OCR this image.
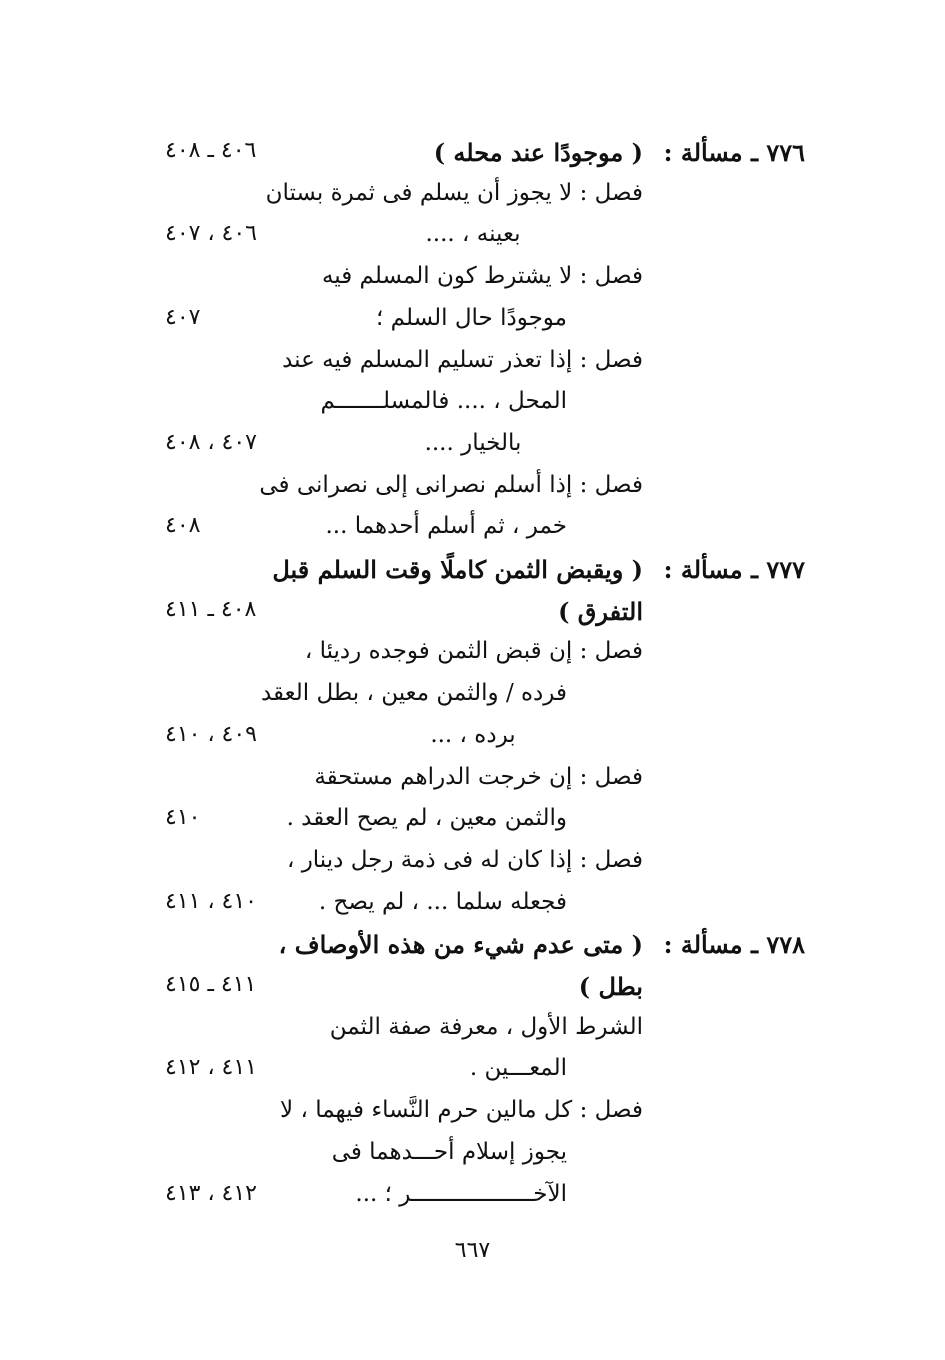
٧٧٦ ـ مسألة :
( موجودًا عند محله )
٤٠٦ ـ ٤٠٨
فصل : لا يجوز أن يسلم فى ثمرة بستان
بعينه ، ....
٤٠٦ ، ٤٠٧
فصل : لا يشترط كون المسلم فيه
موجودًا حال السلم ؛
٤٠٧
فصل : إذا تعذر تسليم المسلم فيه عند
المحل ، .... فالمسلـــــــم
بالخيار ....
٤٠٧ ، ٤٠٨
فصل : إذا أسلم نصرانى إلى نصرانى فى
خمر ، ثم أسلم أحدهما ...
٤٠٨
٧٧٧ ـ مسألة :
( ويقبض الثمن كاملًا وقت السلم قبل
التفرق )
٤٠٨ ـ ٤١١
فصل : إن قبض الثمن فوجده رديئا ،
فرده / والثمن معين ، بطل العقد
برده ، ...
٤٠٩ ، ٤١٠
فصل : إن خرجت الدراهم مستحقة
والثمن معين ، لم يصح العقد .
٤١٠
فصل : إذا كان له فى ذمة رجل دينار ،
فجعله سلما ... ، لم يصح .
٤١٠ ، ٤١١
٧٧٨ ـ مسألة :
( متى عدم شيء من هذه الأوصاف ،
بطل )
٤١١ ـ ٤١٥
الشرط الأول ، معرفة صفة الثمن
المعـــين .
٤١١ ، ٤١٢
فصل : كل مالين حرم النَّساء فيهما ، لا
يجوز إسلام أحـــدهما فى
الآخــــــــــــــــــر ؛ ...
٤١٢ ، ٤١٣
٦٦٧
